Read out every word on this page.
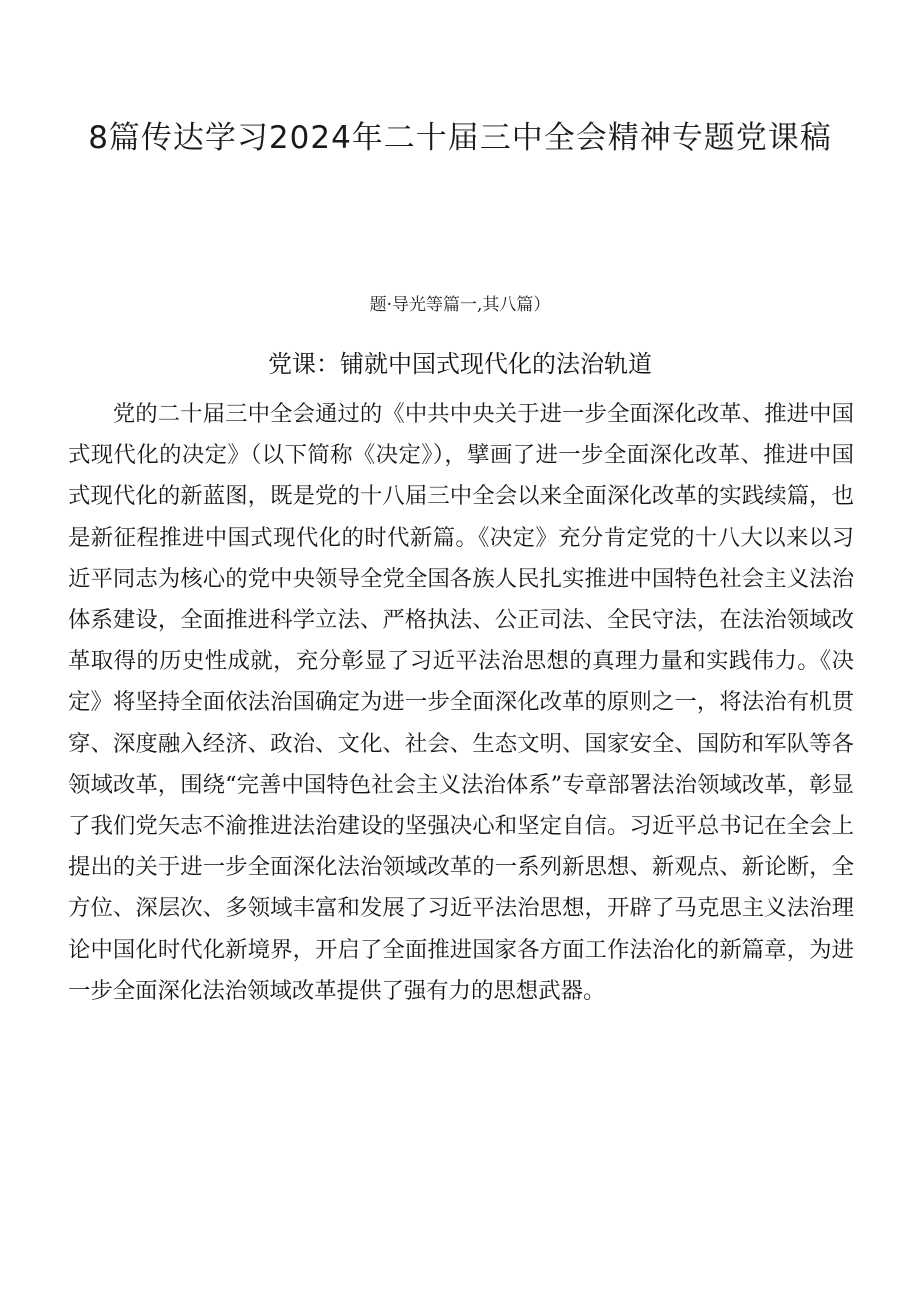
8篇传达学习2024年二十届三中全会精神专题党课稿
题·导光等篇一,其八篇）
党课：铺就中国式现代化的法治轨道

党的二十届三中全会通过的《中共中央关于进一步全面深化改革、推进中国式现代化的决定》（以下简称《决定》），擘画了进一步全面深化改革、推进中国式现代化的新蓝图，既是党的十八届三中全会以来全面深化改革的实践续篇，也是新征程推进中国式现代化的时代新篇。《决定》充分肯定党的十八大以来以习近平同志为核心的党中央领导全党全国各族人民扎实推进中国特色社会主义法治体系建设，全面推进科学立法、严格执法、公正司法、全民守法，在法治领域改革取得的历史性成就，充分彰显了习近平法治思想的真理力量和实践伟力。《决定》将坚持全面依法治国确定为进一步全面深化改革的原则之一，将法治有机贯穿、深度融入经济、政治、文化、社会、生态文明、国家安全、国防和军队等各领域改革，围绕“完善中国特色社会主义法治体系”专章部署法治领域改革，彰显了我们党矢志不渝推进法治建设的坚强决心和坚定自信。习近平总书记在全会上提出的关于进一步全面深化法治领域改革的一系列新思想、新观点、新论断，全方位、深层次、多领域丰富和发展了习近平法治思想，开辟了马克思主义法治理论中国化时代化新境界，开启了全面推进国家各方面工作法治化的新篇章，为进一步全面深化法治领域改革提供了强有力的思想武器。
